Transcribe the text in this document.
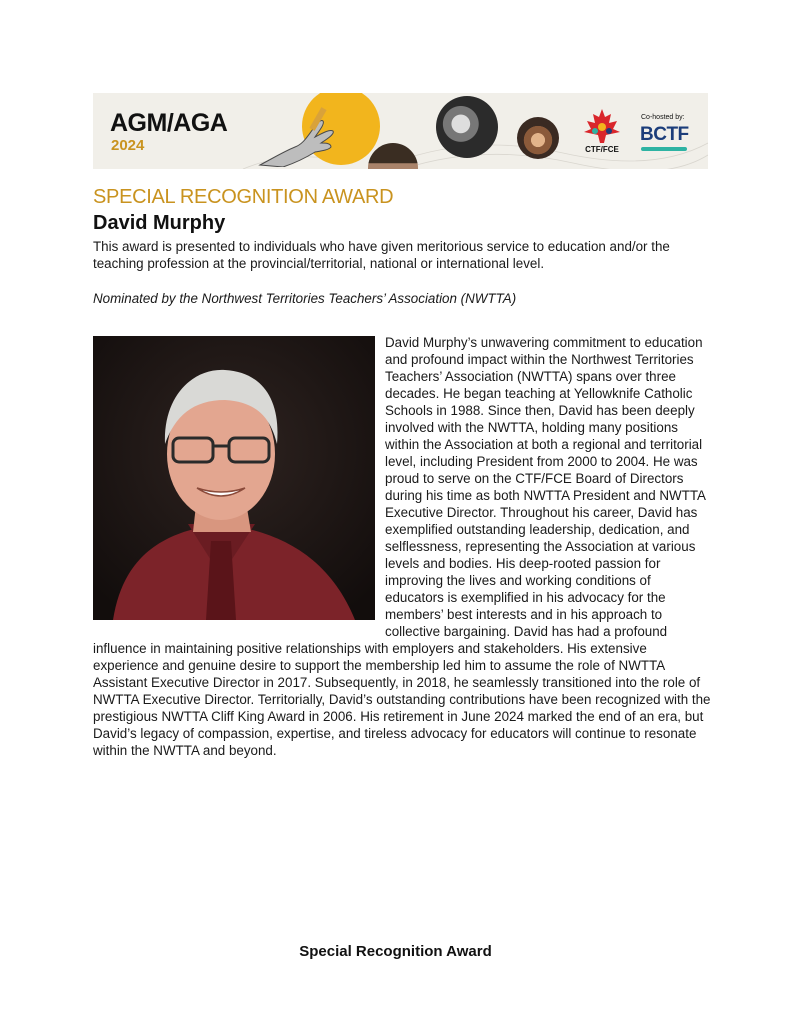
AGM/AGA
2024	CTF/FCE
Co-hosted by:
BCTF
SPECIAL RECOGNITION AWARD
David Murphy

This award is presented to individuals who have given meritorious service to education and/or the teaching profession at the provincial/territorial, national or international level.

Nominated by the Northwest Territories Teachers’ Association (NWTTA)

David Murphy’s unwavering commitment to education and profound impact within the Northwest Territories Teachers’ Association (NWTTA) spans over three decades. He began teaching at Yellowknife Catholic Schools in 1988. Since then, David has been deeply involved with the NWTTA, holding many positions within the Association at both a regional and territorial level, including President from 2000 to 2004. He was proud to serve on the CTF/FCE Board of Directors during his time as both NWTTA President and NWTTA Executive Director. Throughout his career, David has exemplified outstanding leadership, dedication, and selflessness, representing the Association at various levels and bodies. His deep-rooted passion for improving the lives and working conditions of educators is exemplified in his advocacy for the members’ best interests and in his approach to collective bargaining. David has had a profound influence in maintaining positive relationships with employers and stakeholders. His extensive experience and genuine desire to support the membership led him to assume the role of NWTTA Assistant Executive Director in 2017. Subsequently, in 2018, he seamlessly transitioned into the role of NWTTA Executive Director. Territorially, David’s outstanding contributions have been recognized with the prestigious NWTTA Cliff King Award in 2006. His retirement in June 2024 marked the end of an era, but David’s legacy of compassion, expertise, and tireless advocacy for educators will continue to resonate within the NWTTA and beyond.

Special Recognition Award
